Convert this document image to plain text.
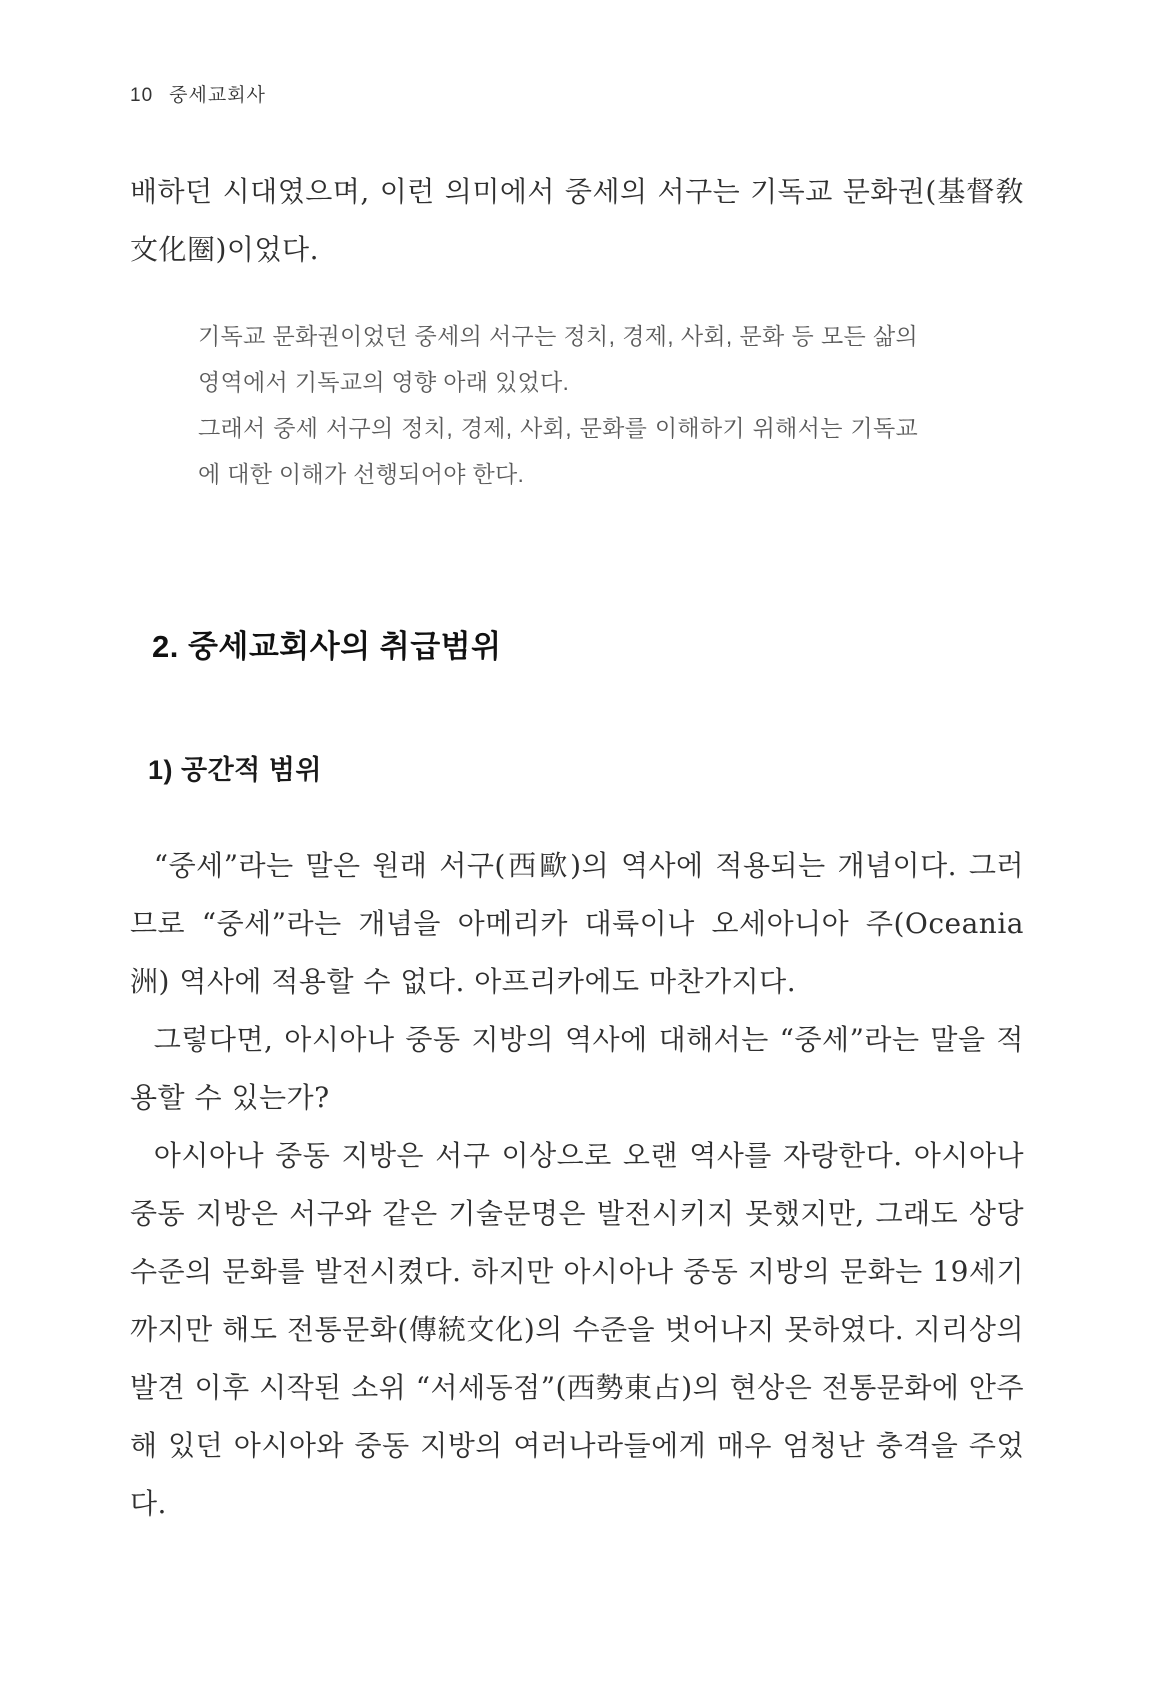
10 중세교회사

배하던 시대였으며, 이런 의미에서 중세의 서구는 기독교 문화권(基督敎 文化圈)이었다.

기독교 문화권이었던 중세의 서구는 정치, 경제, 사회, 문화 등 모든 삶의 영역에서 기독교의 영향 아래 있었다.

그래서 중세 서구의 정치, 경제, 사회, 문화를 이해하기 위해서는 기독교에 대한 이해가 선행되어야 한다.

2. 중세교회사의 취급범위
1) 공간적 범위

“중세”라는 말은 원래 서구(西歐)의 역사에 적용되는 개념이다. 그러므로 “중세”라는 개념을 아메리카 대륙이나 오세아니아 주(Oceania 洲) 역사에 적용할 수 없다. 아프리카에도 마찬가지다.

그렇다면, 아시아나 중동 지방의 역사에 대해서는 “중세”라는 말을 적용할 수 있는가?

아시아나 중동 지방은 서구 이상으로 오랜 역사를 자랑한다. 아시아나 중동 지방은 서구와 같은 기술문명은 발전시키지 못했지만, 그래도 상당 수준의 문화를 발전시켰다. 하지만 아시아나 중동 지방의 문화는 19세기까지만 해도 전통문화(傳統文化)의 수준을 벗어나지 못하였다. 지리상의 발견 이후 시작된 소위 “서세동점”(西勢東占)의 현상은 전통문화에 안주해 있던 아시아와 중동 지방의 여러나라들에게 매우 엄청난 충격을 주었다.
